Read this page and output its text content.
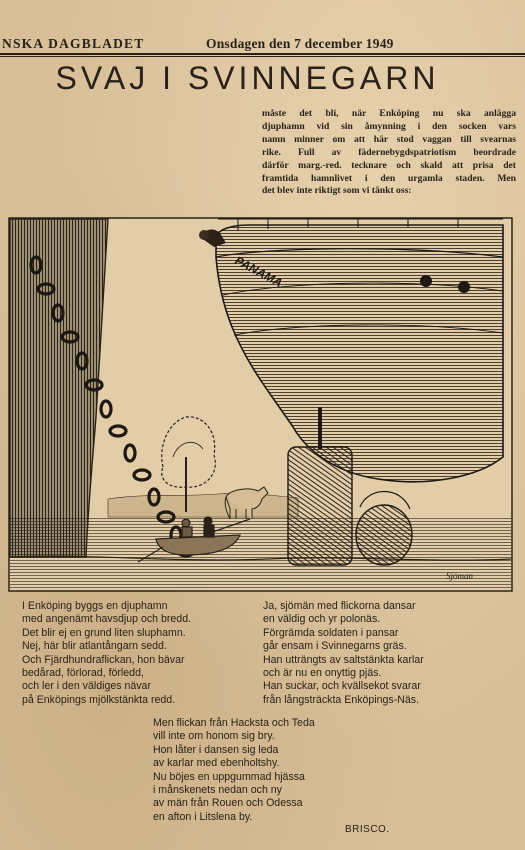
NSKA DAGBLADET	Onsdagen den 7 december 1949
SVAJ I SVINNEGARN
måste det bli, när Enköping nu ska anlägga
djuphamn vid sin åmynning i den socken vars
namn minner om att här stod vaggan till svearnas
rike. Full av fädernebygdspatriotism beordrade
därför marg.-red. tecknare och skald att prisa det
framtida hamnlivet i den urgamla staden. Men
det blev inte riktigt som vi tänkt oss:
PANAMA
Sjöman
I Enköping byggs en djuphamn
med angenämt havsdjup och bredd.
Det blir ej en grund liten sluphamn.
Nej, här blir atlantångarn sedd.
Och Fjärdhundraflickan, hon bävar
bedårad, förlorad, förledd,
och ler i den väldiges nävar
på Enköpings mjölkstänkta redd.
Ja, sjömän med flickorna dansar
en väldig och yr polonäs.
Förgrämda soldaten i pansar
går ensam i Svinnegarns gräs.
Han utträngts av saltstänkta karlar
och är nu en onyttig pjäs.
Han suckar, och kvällsekot svarar
från långsträckta Enköpings-Näs.
Men flickan från Hacksta och Teda
vill inte om honom sig bry.
Hon låter i dansen sig leda
av karlar med ebenholtshy.
Nu böjes en uppgummad hjässa
i månskenets nedan och ny
av män från Rouen och Odessa
en afton i Litslena by.
BRISCO.
